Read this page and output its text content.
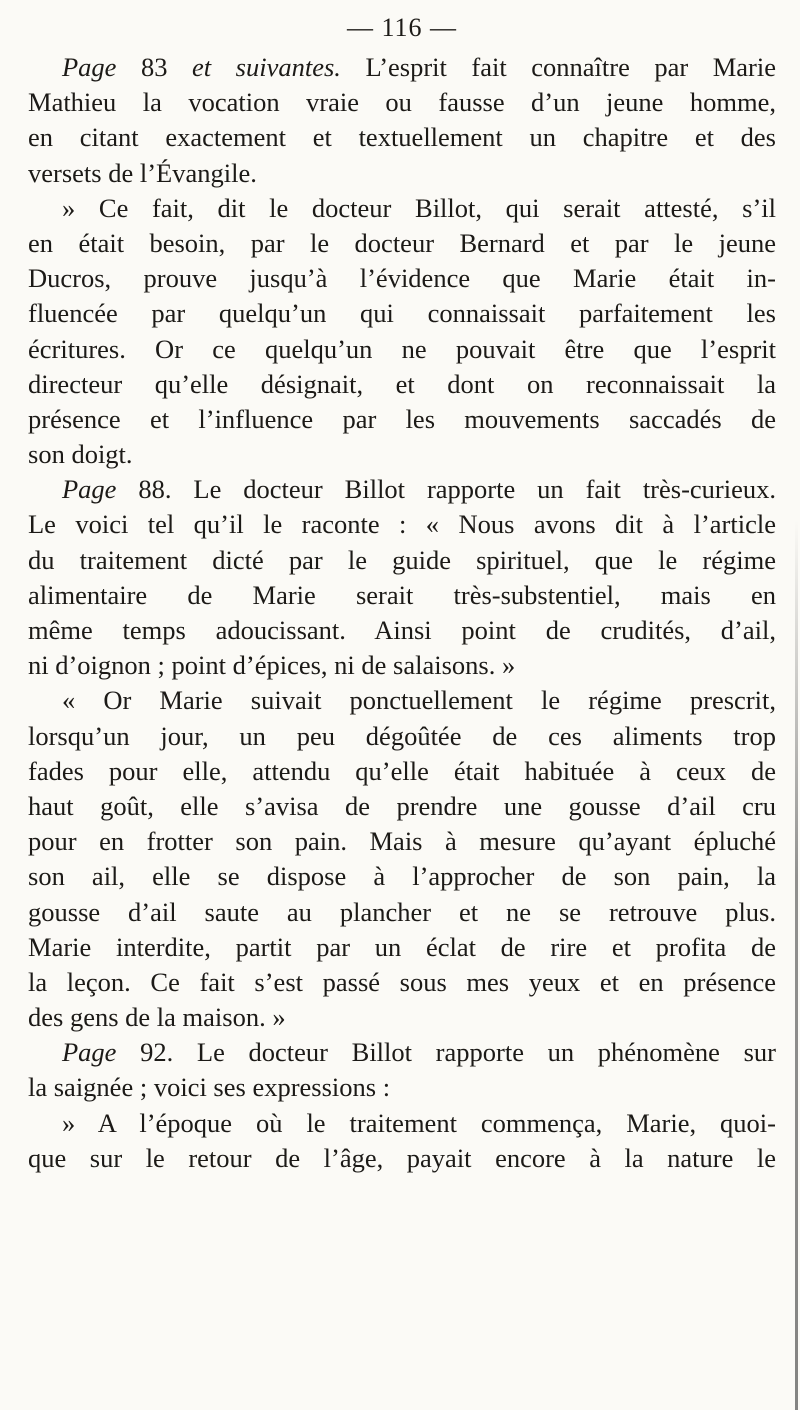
— 116 —
Page 83 et suivantes. L’esprit fait connaître par Marie
Mathieu la vocation vraie ou fausse d’un jeune homme,
en citant exactement et textuellement un chapitre et des
versets de l’Évangile.
» Ce fait, dit le docteur Billot, qui serait attesté, s’il
en était besoin, par le docteur Bernard et par le jeune
Ducros, prouve jusqu’à l’évidence que Marie était in-
fluencée par quelqu’un qui connaissait parfaitement les
écritures. Or ce quelqu’un ne pouvait être que l’esprit
directeur qu’elle désignait, et dont on reconnaissait la
présence et l’influence par les mouvements saccadés de
son doigt.
Page 88. Le docteur Billot rapporte un fait très-curieux.
Le voici tel qu’il le raconte : « Nous avons dit à l’article
du traitement dicté par le guide spirituel, que le régime
alimentaire de Marie serait très-substentiel, mais en
même temps adoucissant. Ainsi point de crudités, d’ail,
ni d’oignon ; point d’épices, ni de salaisons. »
« Or Marie suivait ponctuellement le régime prescrit,
lorsqu’un jour, un peu dégoûtée de ces aliments trop
fades pour elle, attendu qu’elle était habituée à ceux de
haut goût, elle s’avisa de prendre une gousse d’ail cru
pour en frotter son pain. Mais à mesure qu’ayant épluché
son ail, elle se dispose à l’approcher de son pain, la
gousse d’ail saute au plancher et ne se retrouve plus.
Marie interdite, partit par un éclat de rire et profita de
la leçon. Ce fait s’est passé sous mes yeux et en présence
des gens de la maison. »
Page 92. Le docteur Billot rapporte un phénomène sur
la saignée ; voici ses expressions :
» A l’époque où le traitement commença, Marie, quoi-
que sur le retour de l’âge, payait encore à la nature le
